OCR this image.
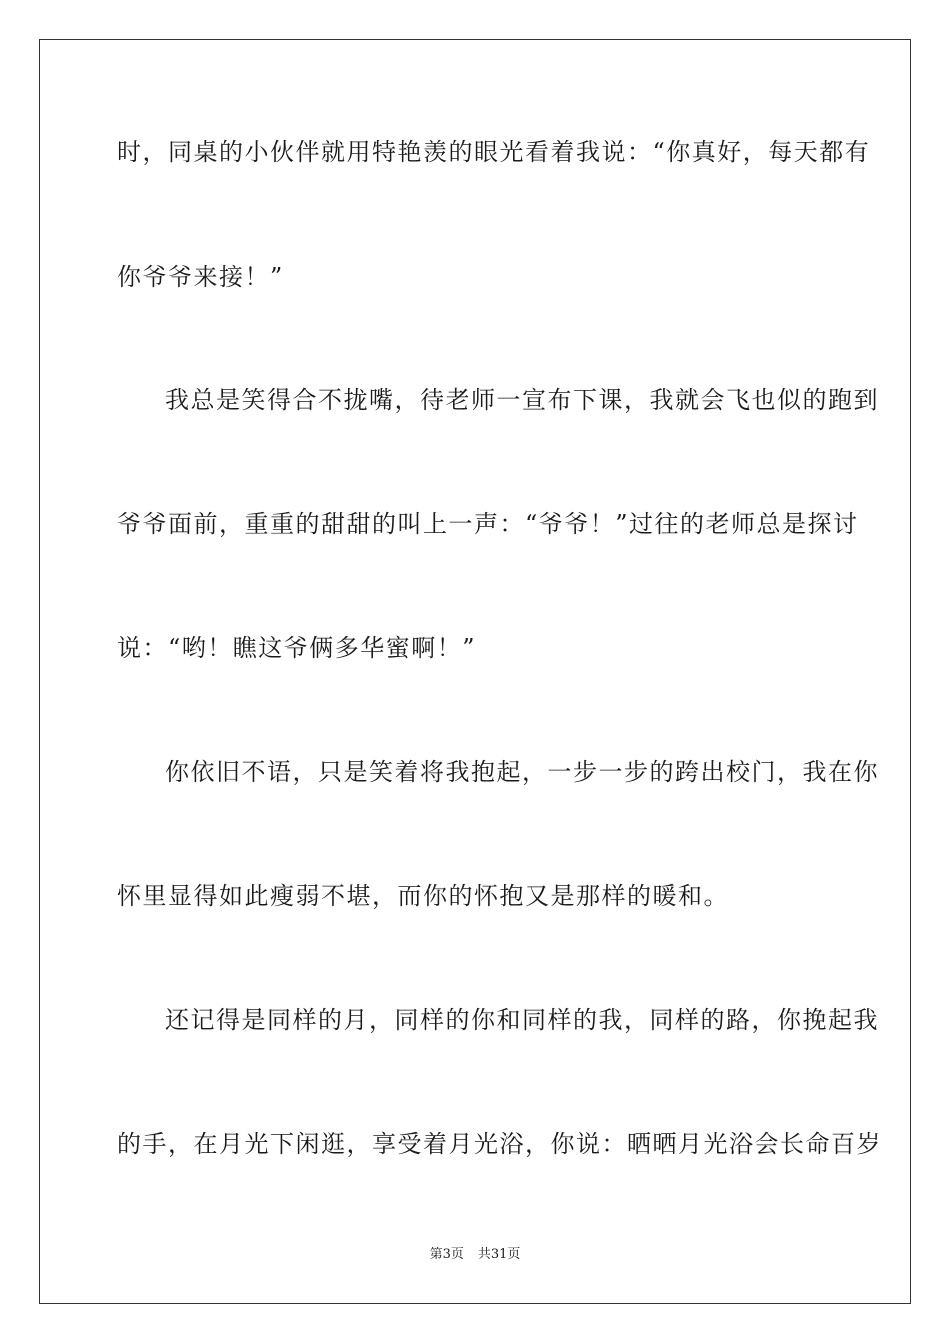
时，同桌的小伙伴就用特艳羡的眼光看着我说：“你真好，每天都有
你爷爷来接！”
我总是笑得合不拢嘴，待老师一宣布下课，我就会飞也似的跑到
爷爷面前，重重的甜甜的叫上一声：“爷爷！”过往的老师总是探讨
说：“哟！瞧这爷俩多华蜜啊！”
你依旧不语，只是笑着将我抱起，一步一步的跨出校门，我在你
怀里显得如此瘦弱不堪，而你的怀抱又是那样的暖和。
还记得是同样的月，同样的你和同样的我，同样的路，你挽起我
的手，在月光下闲逛，享受着月光浴，你说：晒晒月光浴会长命百岁
第3页 共31页
